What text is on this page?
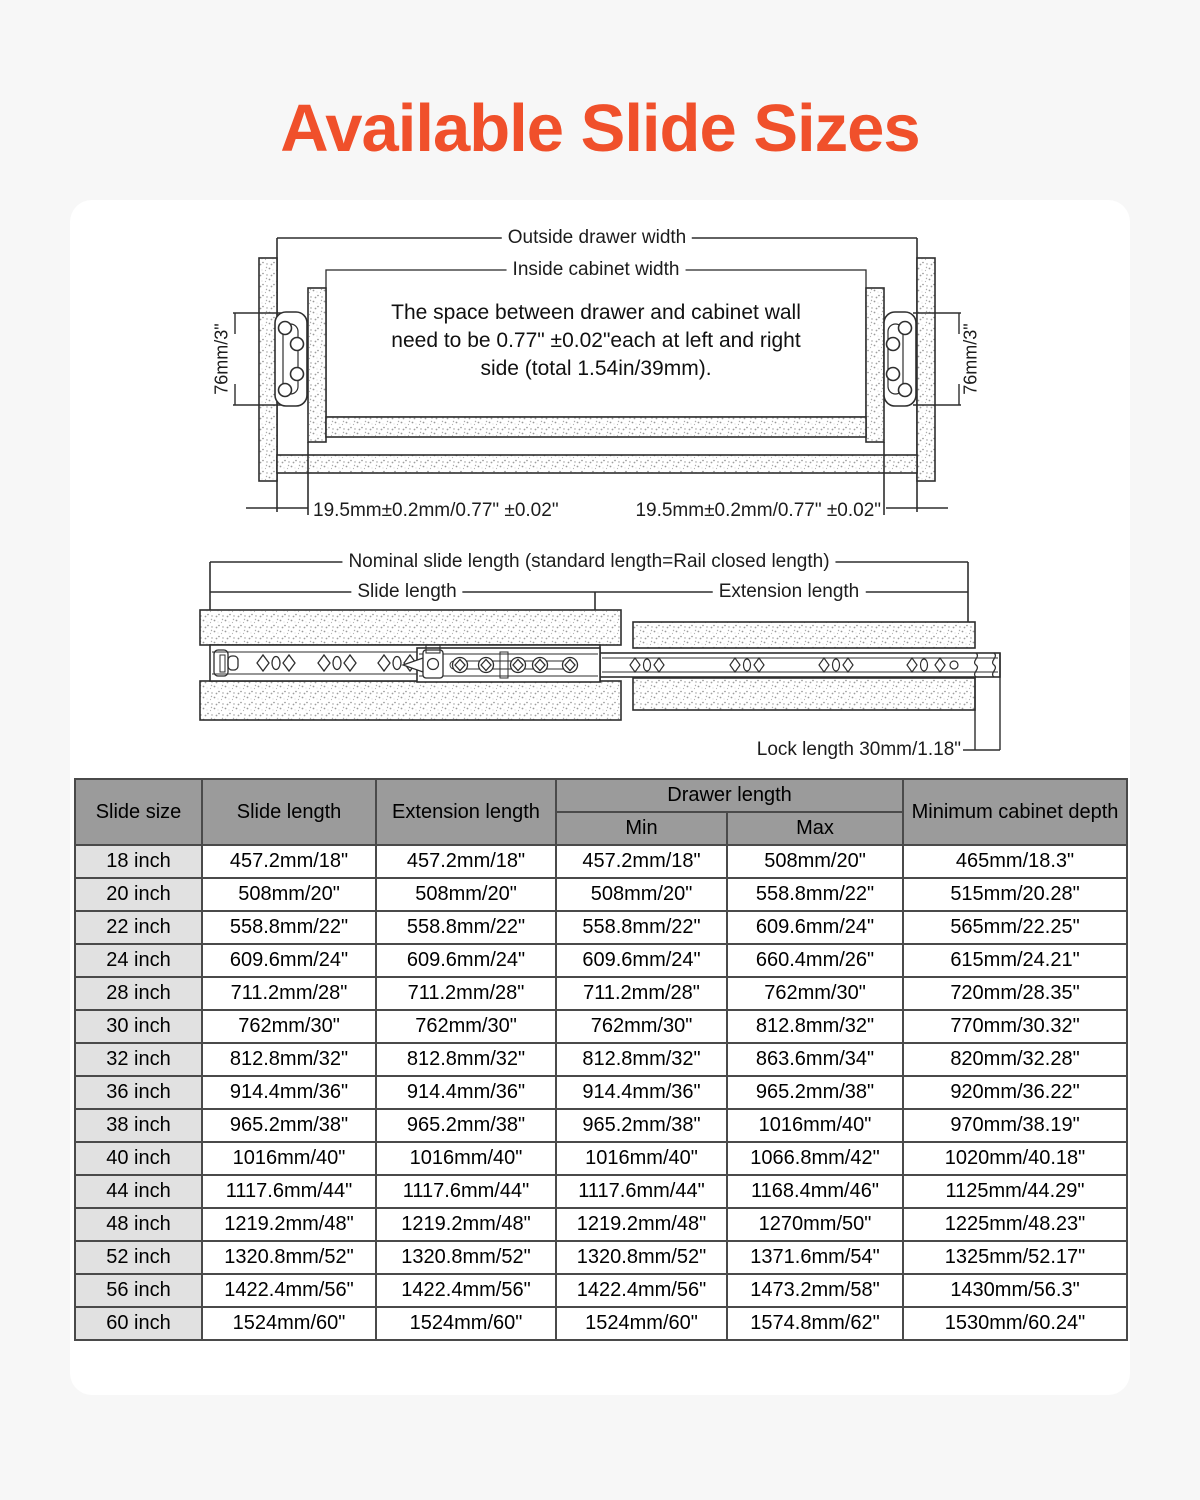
Available Slide Sizes
Outside drawer width
Inside cabinet width
The space between drawer and cabinet wall
need to be 0.77" ±0.02"each at left and right
side (total 1.54in/39mm).
76mm/3"	76mm/3"
19.5mm±0.2mm/0.77" ±0.02"	19.5mm±0.2mm/0.77" ±0.02"
Nominal slide length (standard length=Rail closed length)
Slide length	Extension length
Lock length 30mm/1.18"
Slide size	Slide length	Extension length	Drawer length		Minimum cabinet depth
			Min	Max	
18 inch	457.2mm/18"	457.2mm/18"	457.2mm/18"	508mm/20"	465mm/18.3"
20 inch	508mm/20"	508mm/20"	508mm/20"	558.8mm/22"	515mm/20.28"
22 inch	558.8mm/22"	558.8mm/22"	558.8mm/22"	609.6mm/24"	565mm/22.25"
24 inch	609.6mm/24"	609.6mm/24"	609.6mm/24"	660.4mm/26"	615mm/24.21"
28 inch	711.2mm/28"	711.2mm/28"	711.2mm/28"	762mm/30"	720mm/28.35"
30 inch	762mm/30"	762mm/30"	762mm/30"	812.8mm/32"	770mm/30.32"
32 inch	812.8mm/32"	812.8mm/32"	812.8mm/32"	863.6mm/34"	820mm/32.28"
36 inch	914.4mm/36"	914.4mm/36"	914.4mm/36"	965.2mm/38"	920mm/36.22"
38 inch	965.2mm/38"	965.2mm/38"	965.2mm/38"	1016mm/40"	970mm/38.19"
40 inch	1016mm/40"	1016mm/40"	1016mm/40"	1066.8mm/42"	1020mm/40.18"
44 inch	1117.6mm/44"	1117.6mm/44"	1117.6mm/44"	1168.4mm/46"	1125mm/44.29"
48 inch	1219.2mm/48"	1219.2mm/48"	1219.2mm/48"	1270mm/50"	1225mm/48.23"
52 inch	1320.8mm/52"	1320.8mm/52"	1320.8mm/52"	1371.6mm/54"	1325mm/52.17"
56 inch	1422.4mm/56"	1422.4mm/56"	1422.4mm/56"	1473.2mm/58"	1430mm/56.3"
60 inch	1524mm/60"	1524mm/60"	1524mm/60"	1574.8mm/62"	1530mm/60.24"
